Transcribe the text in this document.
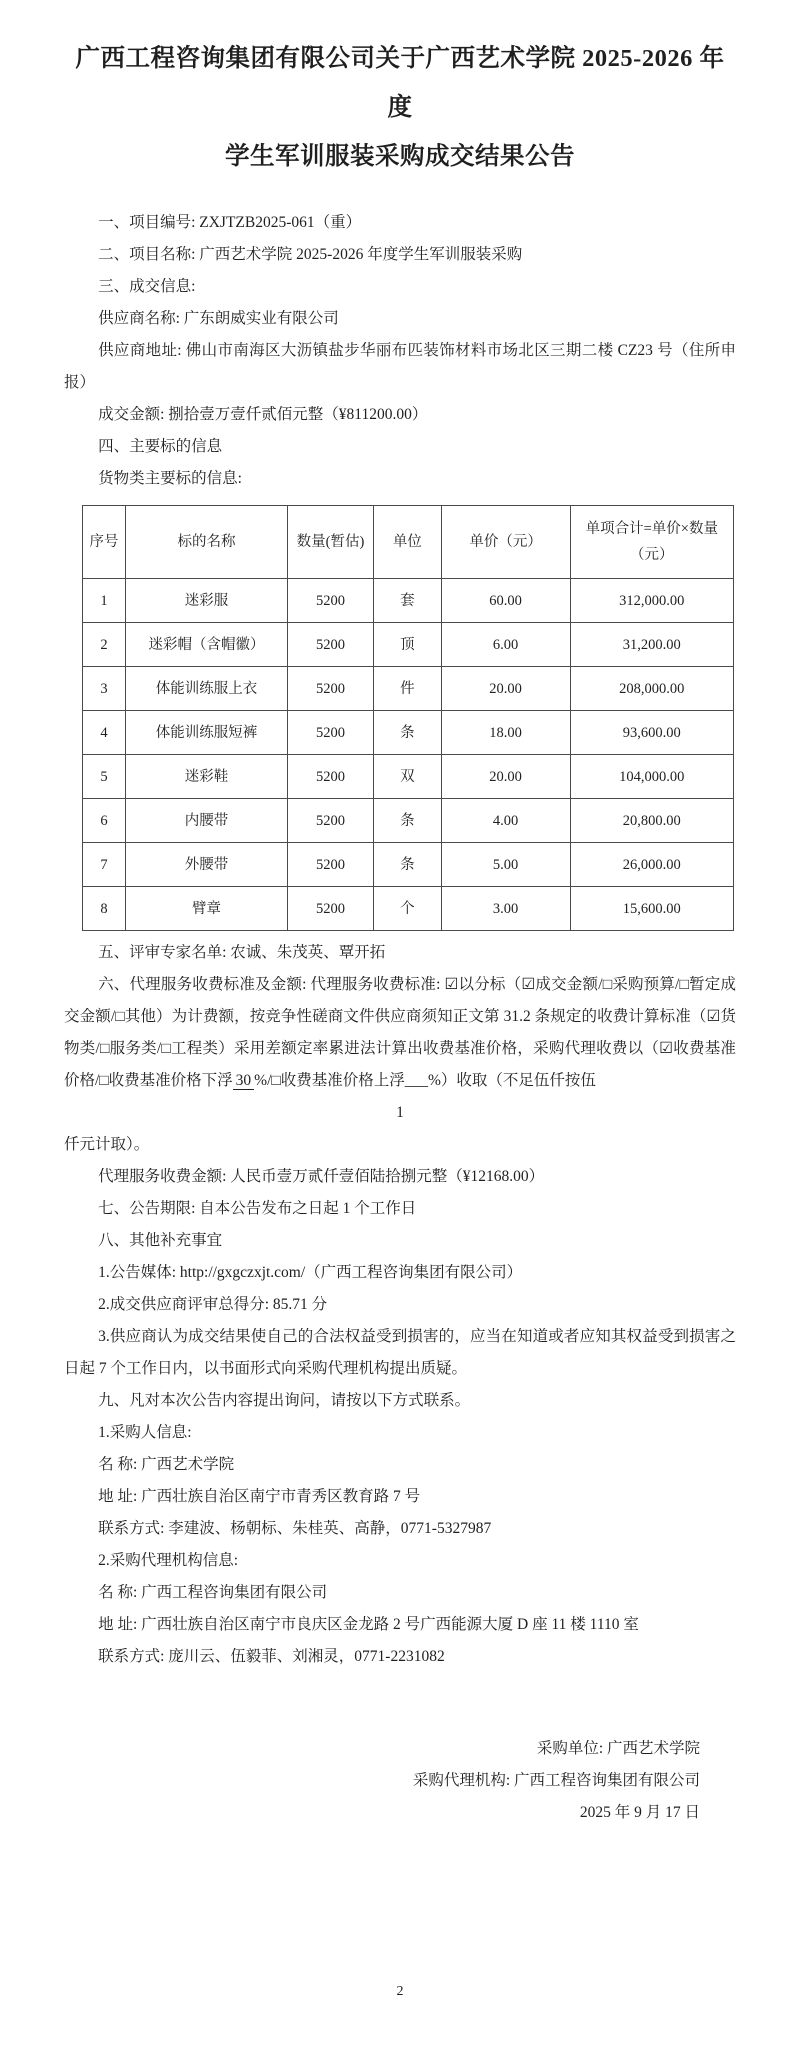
广西工程咨询集团有限公司关于广西艺术学院 2025-2026 年度
学生军训服装采购成交结果公告

一、项目编号: ZXJTZB2025-061（重）

二、项目名称: 广西艺术学院 2025-2026 年度学生军训服装采购

三、成交信息:

供应商名称: 广东朗威实业有限公司

供应商地址: 佛山市南海区大沥镇盐步华丽布匹装饰材料市场北区三期二楼 CZ23 号（住所申报）

成交金额: 捌拾壹万壹仟贰佰元整（¥811200.00）

四、主要标的信息

货物类主要标的信息:

序号	标的名称	数量(暂估)	单位	单价（元）	单项合计=单价×数量
（元）

1	迷彩服	5200	套	60.00	312,000.00
2	迷彩帽（含帽徽）	5200	顶	6.00	31,200.00
3	体能训练服上衣	5200	件	20.00	208,000.00
4	体能训练服短裤	5200	条	18.00	93,600.00
5	迷彩鞋	5200	双	20.00	104,000.00
6	内腰带	5200	条	4.00	20,800.00
7	外腰带	5200	条	5.00	26,000.00
8	臂章	5200	个	3.00	15,600.00

五、评审专家名单: 农诚、朱茂英、覃开拓

六、代理服务收费标准及金额: 代理服务收费标准: ☑以分标（☑成交金额/□采购预算/□暂定成交金额/□其他）为计费额，按竞争性磋商文件供应商须知正文第 31.2 条规定的收费计算标准（☑货物类/□服务类/□工程类）采用差额定率累进法计算出收费基准价格，采购代理收费以（☑收费基准价格/□收费基准价格下浮 30 %/□收费基准价格上浮___%）收取（不足伍仟按伍

1

仟元计取）。

代理服务收费金额: 人民币壹万贰仟壹佰陆拾捌元整（¥12168.00）

七、公告期限: 自本公告发布之日起 1 个工作日

八、其他补充事宜

1.公告媒体: http://gxgczxjt.com/（广西工程咨询集团有限公司）

2.成交供应商评审总得分: 85.71 分

3.供应商认为成交结果使自己的合法权益受到损害的，应当在知道或者应知其权益受到损害之日起 7 个工作日内，以书面形式向采购代理机构提出质疑。

九、凡对本次公告内容提出询问，请按以下方式联系。

1.采购人信息:

名 称: 广西艺术学院

地 址: 广西壮族自治区南宁市青秀区教育路 7 号

联系方式: 李建波、杨朝标、朱桂英、高静，0771-5327987

2.采购代理机构信息:

名 称: 广西工程咨询集团有限公司

地 址: 广西壮族自治区南宁市良庆区金龙路 2 号广西能源大厦 D 座 11 楼 1110 室

联系方式: 庞川云、伍毅菲、刘湘灵，0771-2231082

采购单位: 广西艺术学院

采购代理机构: 广西工程咨询集团有限公司

2025 年 9 月 17 日

2
